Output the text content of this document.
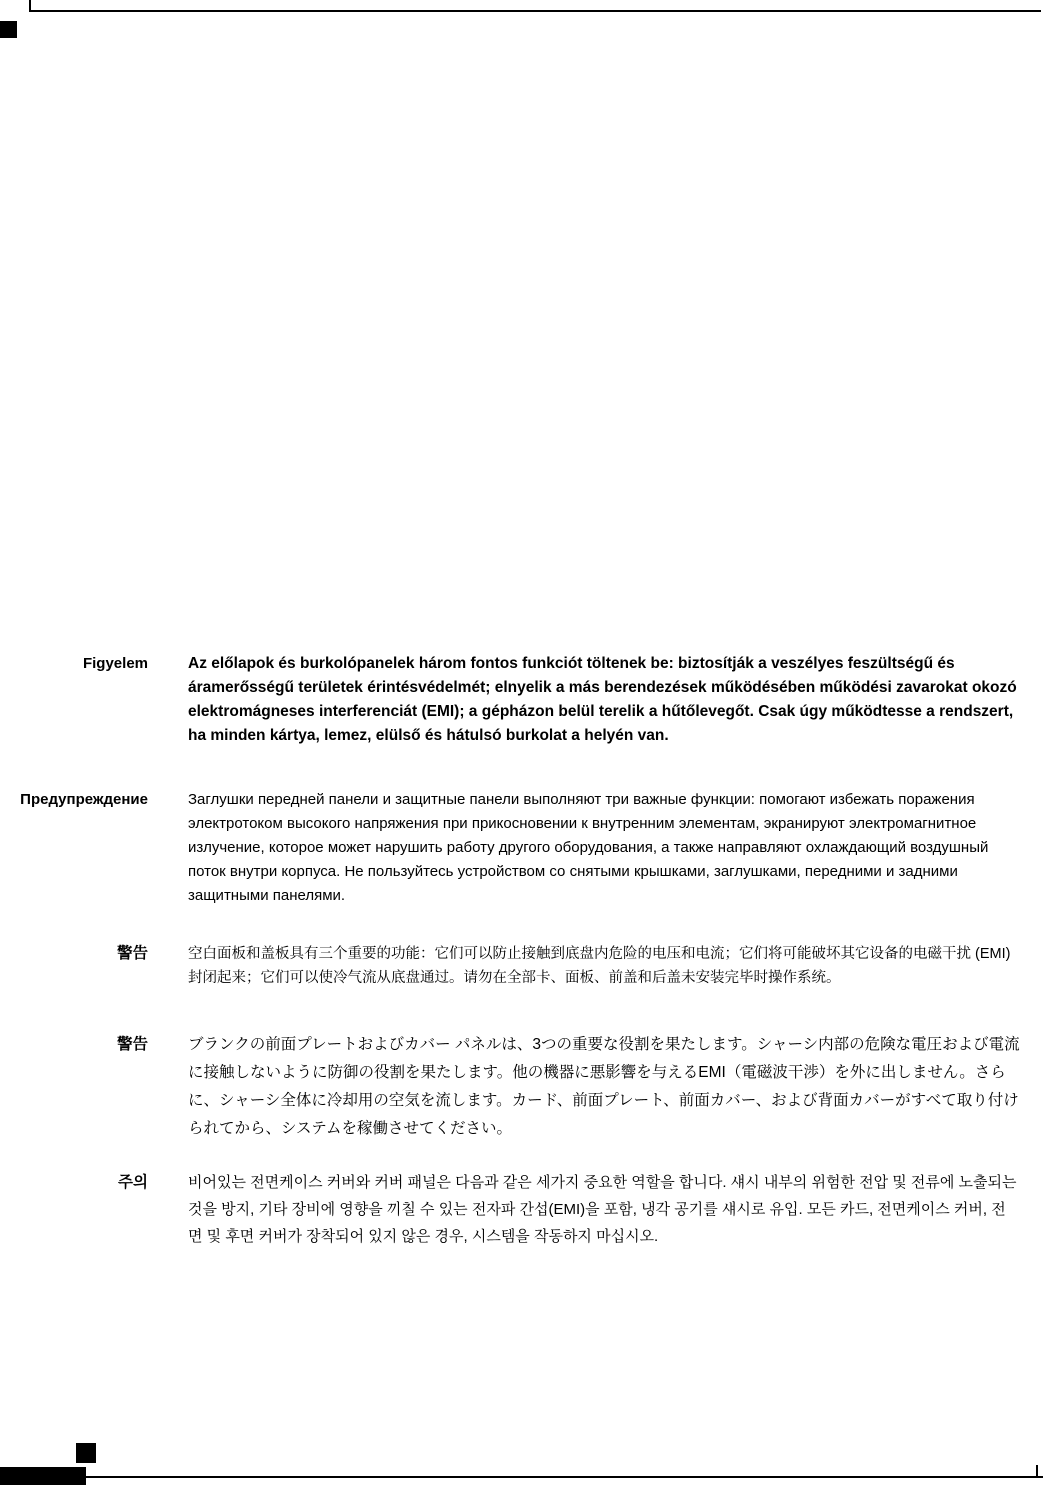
Figyelem	Az előlapok és burkolópanelek három fontos funkciót töltenek be: biztosítják a veszélyes feszültségű és áramerősségű területek érintésvédelmét; elnyelik a más berendezések működésében működési zavarokat okozó elektromágneses interferenciát (EMI); a gépházon belül terelik a hűtőlevegőt. Csak úgy működtesse a rendszert, ha minden kártya, lemez, elülső és hátulsó burkolat a helyén van.
Предупреждение	Заглушки передней панели и защитные панели выполняют три важные функции: помогают избежать поражения электротоком высокого напряжения при прикосновении к внутренним элементам, экранируют электромагнитное излучение, которое может нарушить работу другого оборудования, а также направляют охлаждающий воздушный поток внутри корпуса. Не пользуйтесь устройством со снятыми крышками, заглушками, передними и задними защитными панелями.
警告	空白面板和盖板具有三个重要的功能：它们可以防止接触到底盘内危险的电压和电流；它们将可能破坏其它设备的电磁干扰 (EMI) 封闭起来；它们可以使冷气流从底盘通过。请勿在全部卡、面板、前盖和后盖未安装完毕时操作系统。
警告	ブランクの前面プレートおよびカバー パネルは、3つの重要な役割を果たします。シャーシ内部の危険な電圧および電流に接触しないように防御の役割を果たします。他の機器に悪影響を与えるEMI（電磁波干渉）を外に出しません。さらに、シャーシ全体に冷却用の空気を流します。カード、前面プレート、前面カバー、および背面カバーがすべて取り付けられてから、システムを稼働させてください。
주의	비어있는 전면케이스 커버와 커버 패널은 다음과 같은 세가지 중요한 역할을 합니다. 섀시 내부의 위험한 전압 및 전류에 노출되는 것을 방지, 기타 장비에 영향을 끼칠 수 있는 전자파 간섭(EMI)을 포함, 냉각 공기를 섀시로 유입. 모든 카드, 전면케이스 커버, 전면 및 후면 커버가 장착되어 있지 않은 경우, 시스템을 작동하지 마십시오.
